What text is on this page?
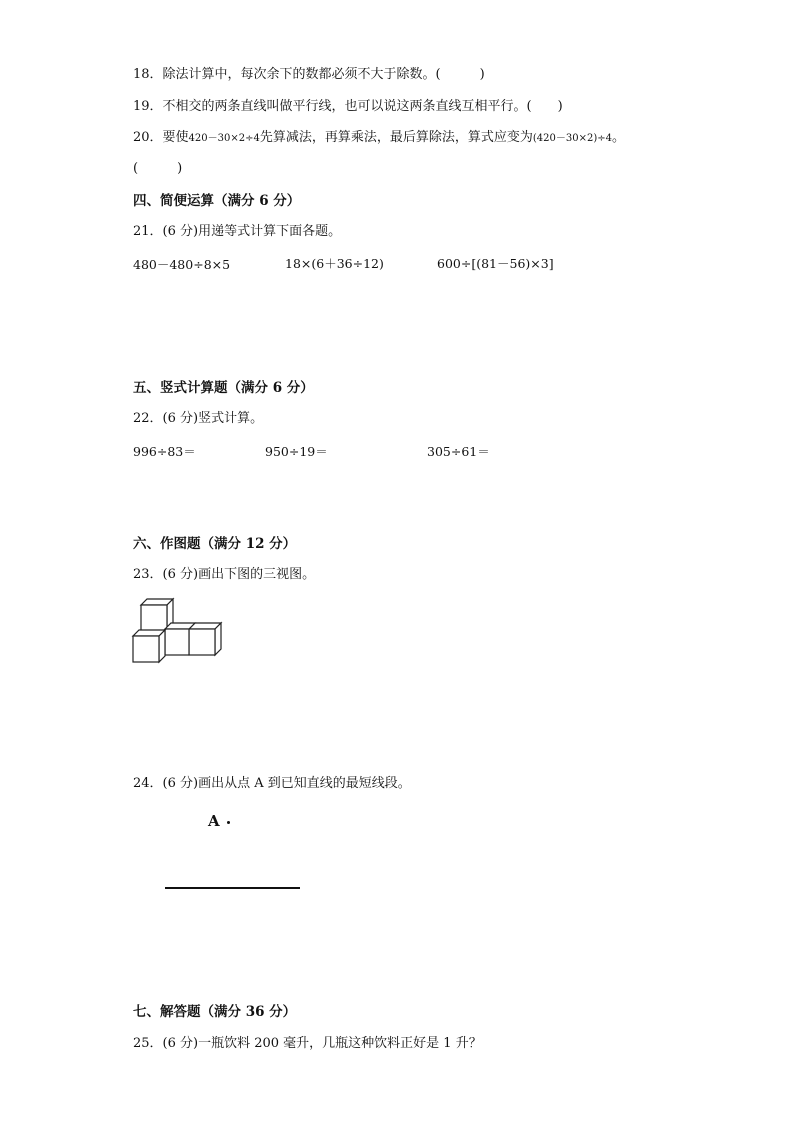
18．除法计算中，每次余下的数都必须不大于除数。(　　　)
19．不相交的两条直线叫做平行线，也可以说这两条直线互相平行。(　　)
20．要使420－30×2÷4先算减法，再算乘法，最后算除法，算式应变为(420－30×2)÷4。
(　　　)
四、简便运算（满分 6 分）
21．(6 分)用递等式计算下面各题。
480－480÷8×5	18×(6＋36÷12)	600÷[(81－56)×3]
五、竖式计算题（满分 6 分）
22．(6 分)竖式计算。
996÷83＝	950÷19＝	305÷61＝
六、作图题（满分 12 分）
23．(6 分)画出下图的三视图。
24．(6 分)画出从点 A 到已知直线的最短线段。
A
七、解答题（满分 36 分）
25．(6 分)一瓶饮料 200 毫升，几瓶这种饮料正好是 1 升？
